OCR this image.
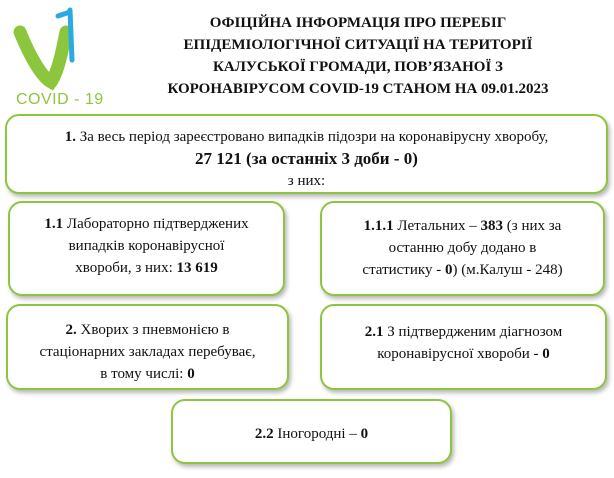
COVID - 19
ОФІЦІЙНА ІНФОРМАЦІЯ ПРО ПЕРЕБІГ
ЕПІДЕМІОЛОГІЧНОЇ СИТУАЦІЇ НА ТЕРИТОРІЇ
КАЛУСЬКОЇ ГРОМАДИ, ПОВ’ЯЗАНОЇ З
КОРОНАВІРУСОМ COVID-19 СТАНОМ НА 09.01.2023
1. За весь період зареєстровано випадків підозри на коронавірусну хворобу,
27 121 (за останніх 3 доби - 0)
з них:
1.1 Лабораторно підтверджених
випадків коронавірусної
хвороби, з них: 13 619
1.1.1 Летальних – 383 (з них за
останню добу додано в
статистику - 0) (м.Калуш - 248)
2. Хворих з пневмонією в
стаціонарних закладах перебуває,
в тому числі: 0
2.1 З підтвердженим діагнозом
коронавірусної хвороби - 0
2.2 Іногородні – 0
